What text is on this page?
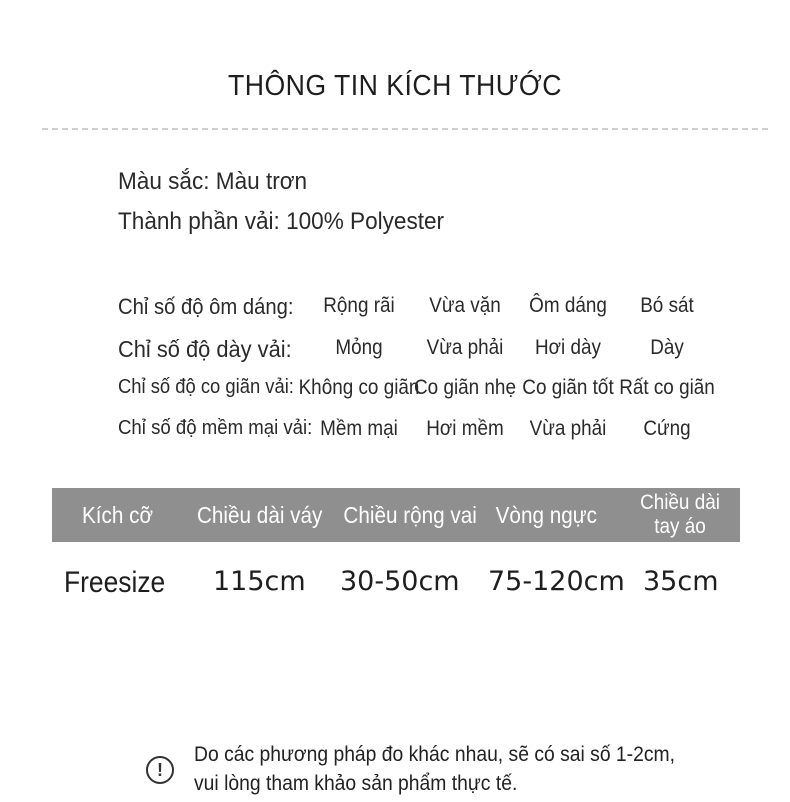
THÔNG TIN KÍCH THƯỚC
Màu sắc: Màu trơn
Thành phần vải: 100% Polyester
Chỉ số độ ôm dáng: Rộng rãi Vừa vặn Ôm dáng Bó sát
Chỉ số độ dày vải: Mỏng Vừa phải Hơi dày Dày
Chỉ số độ co giãn vải: Không co giãn
Co giãn nhẹ Co giãn tốt Rất co giãn
Chỉ số độ mềm mại vải: Mềm mại Hơi mềm Vừa phải Cứng
Kích cỡ Chiều dài váy Chiều rộng vai Vòng ngực	Chiều dài tay áo
Freesize 115cm 30-50cm 75-120cm 35cm
!
Do các phương pháp đo khác nhau, sẽ có sai số 1-2cm,
vui lòng tham khảo sản phẩm thực tế.
